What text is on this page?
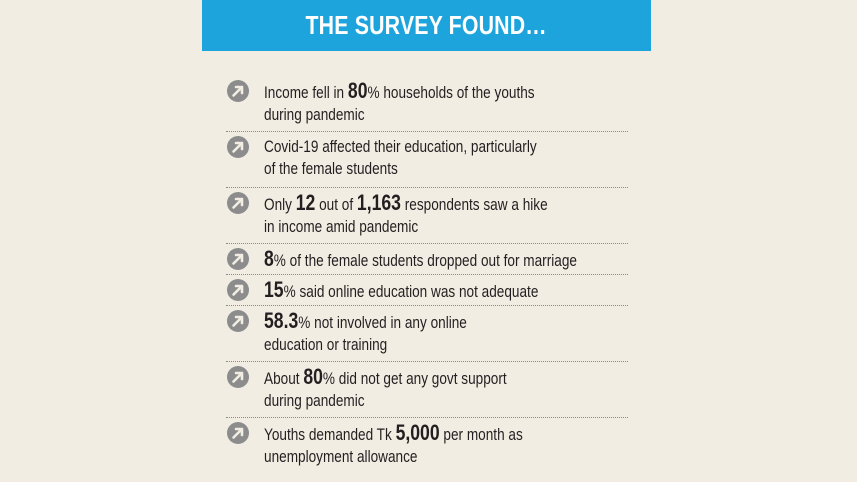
THE SURVEY FOUND…
Income fell in 80% households of the youths
during pandemic
Covid-19 affected their education, particularly
of the female students
Only 12 out of 1,163 respondents saw a hike
in income amid pandemic
8% of the female students dropped out for marriage
15% said online education was not adequate
58.3% not involved in any online
education or training
About 80% did not get any govt support
during pandemic
Youths demanded Tk 5,000 per month as
unemployment allowance
